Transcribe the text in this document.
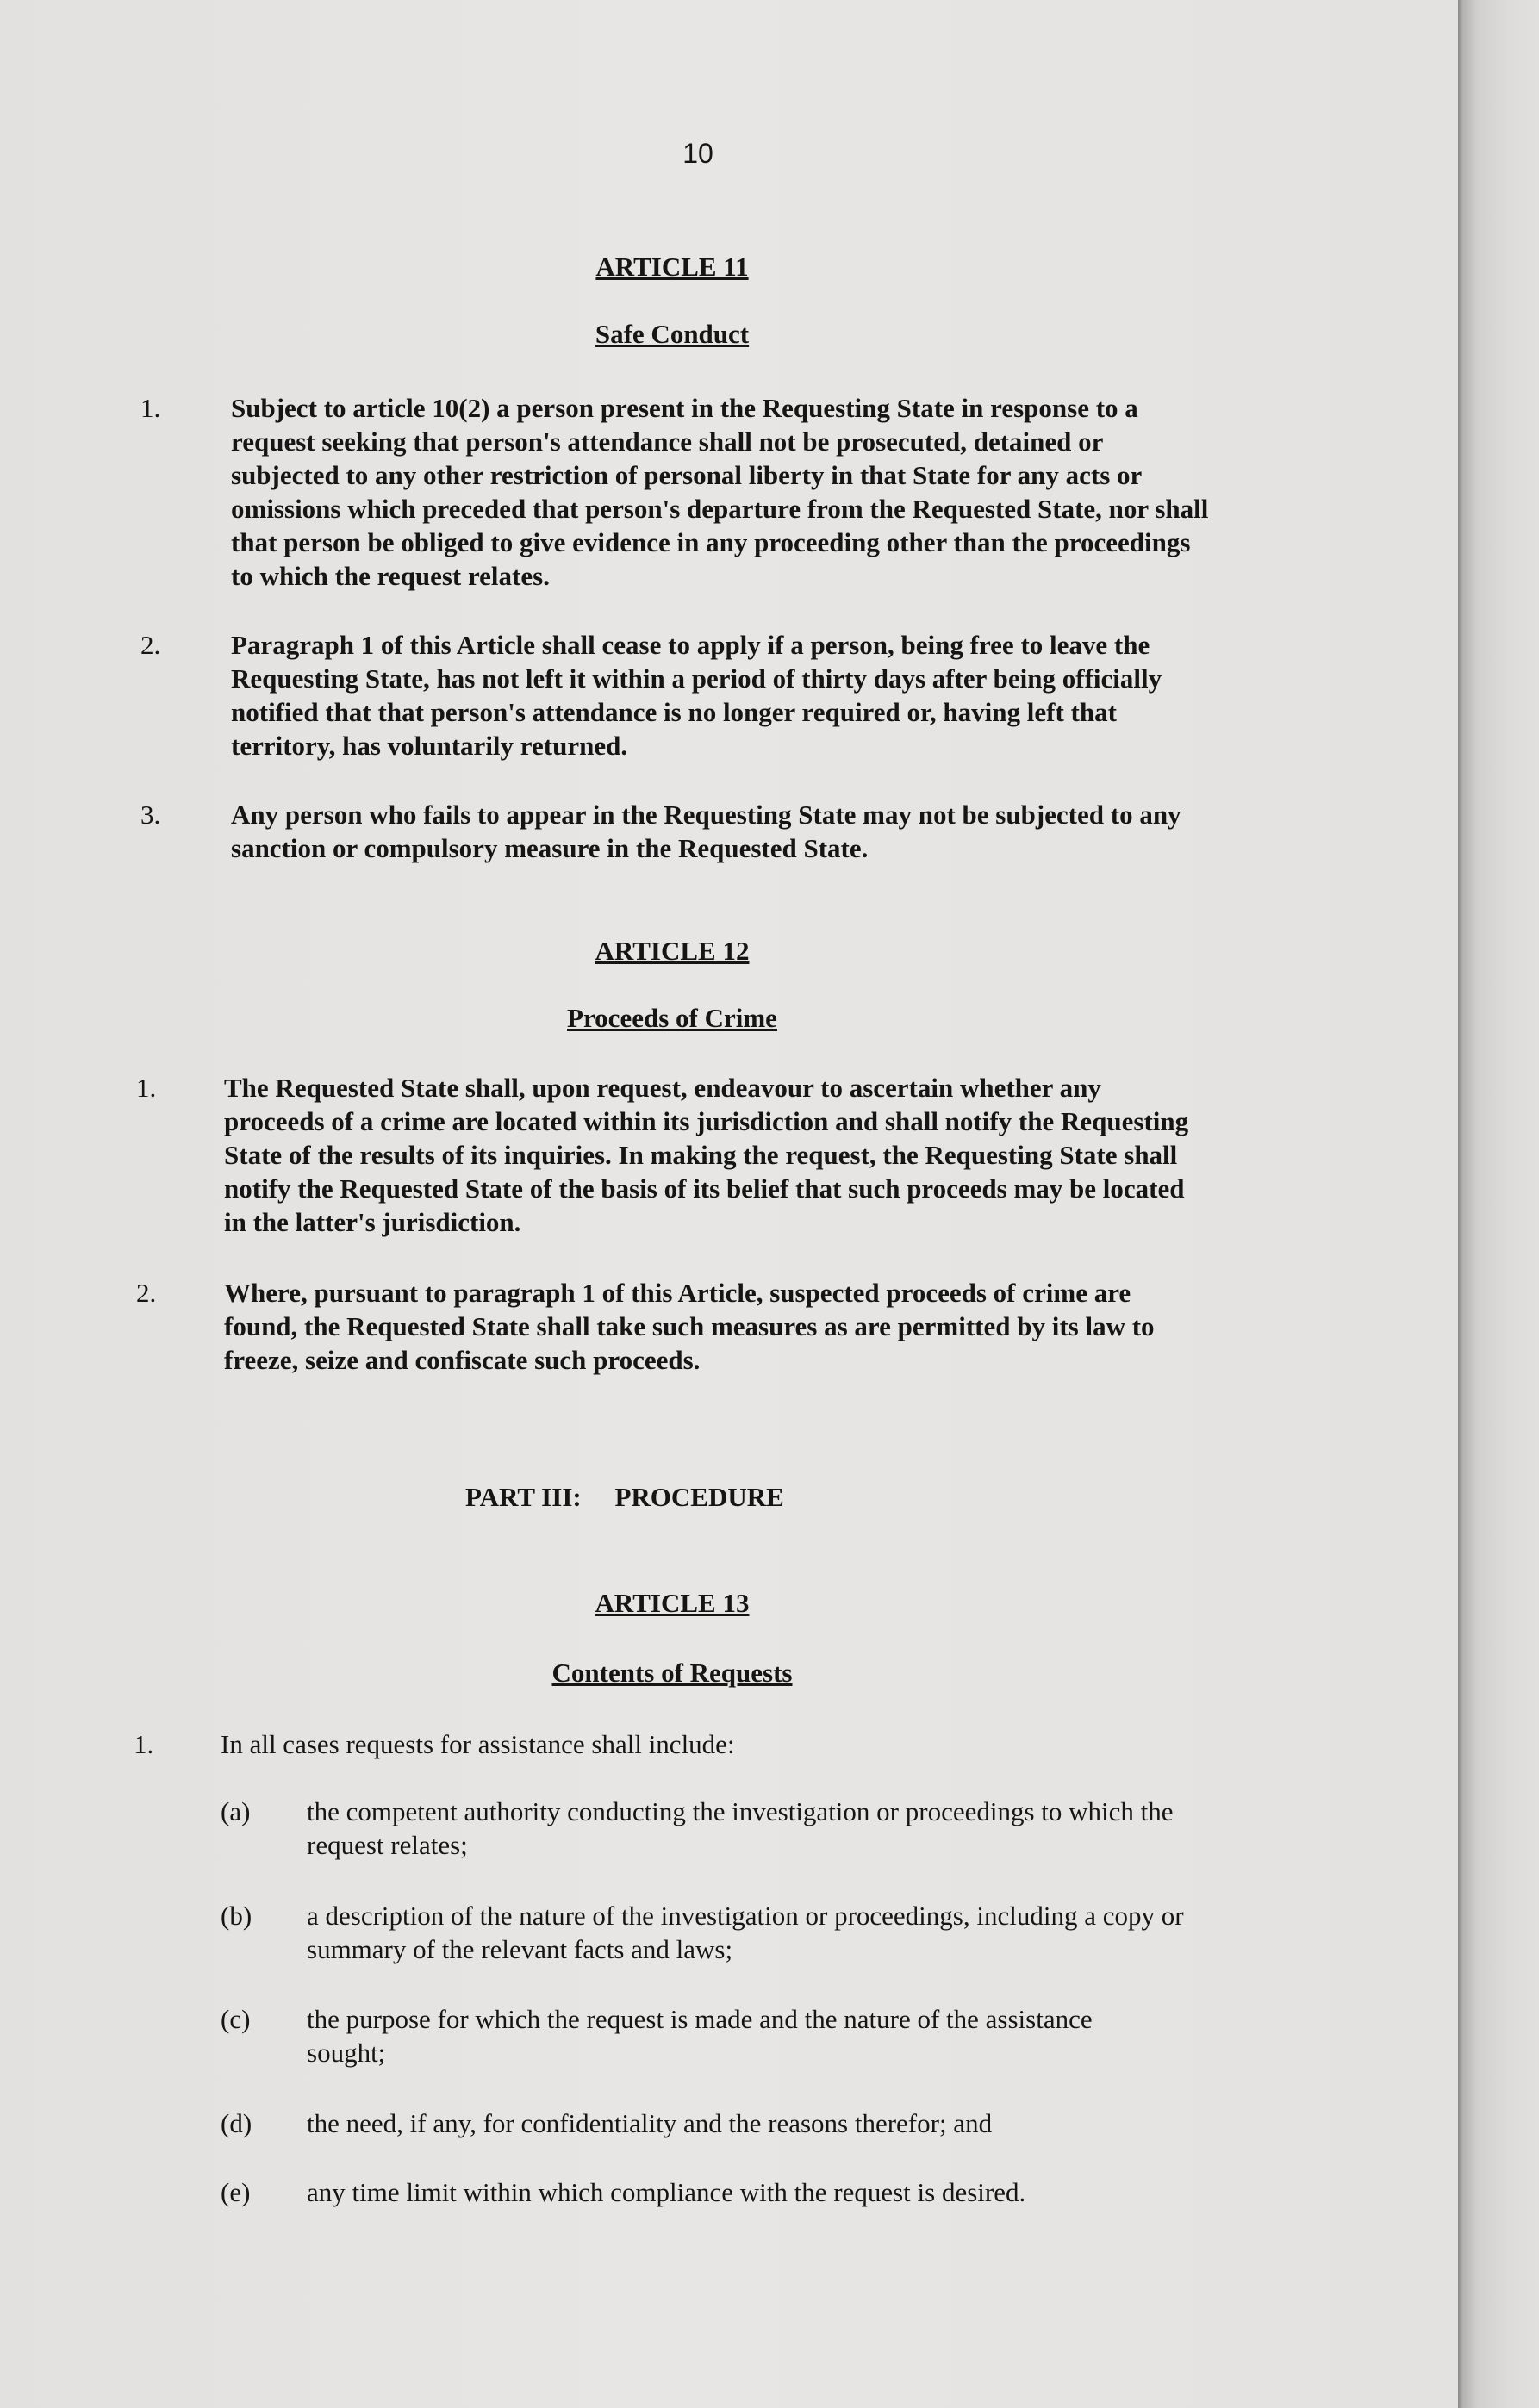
10
ARTICLE 11
Safe Conduct
1.	Subject to article 10(2) a person present in the Requesting State in response to a request seeking that person's attendance shall not be prosecuted, detained or subjected to any other restriction of personal liberty in that State for any acts or omissions which preceded that person's departure from the Requested State, nor shall that person be obliged to give evidence in any proceeding other than the proceedings to which the request relates.
2.	Paragraph 1 of this Article shall cease to apply if a person, being free to leave the Requesting State, has not left it within a period of thirty days after being officially notified that that person's attendance is no longer required or, having left that territory, has voluntarily returned.
3.	Any person who fails to appear in the Requesting State may not be subjected to any sanction or compulsory measure in the Requested State.
ARTICLE 12
Proceeds of Crime
1.	The Requested State shall, upon request, endeavour to ascertain whether any proceeds of a crime are located within its jurisdiction and shall notify the Requesting State of the results of its inquiries. In making the request, the Requesting State shall notify the Requested State of the basis of its belief that such proceeds may be located in the latter's jurisdiction.
2.	Where, pursuant to paragraph 1 of this Article, suspected proceeds of crime are found, the Requested State shall take such measures as are permitted by its law to freeze, seize and confiscate such proceeds.
PART III:     PROCEDURE
ARTICLE 13
Contents of Requests
1.	In all cases requests for assistance shall include:
(a) the competent authority conducting the investigation or proceedings to which the request relates;
(b) a description of the nature of the investigation or proceedings, including a copy or summary of the relevant facts and laws;
(c) the purpose for which the request is made and the nature of the assistance sought;
(d) the need, if any, for confidentiality and the reasons therefor; and
(e) any time limit within which compliance with the request is desired.
